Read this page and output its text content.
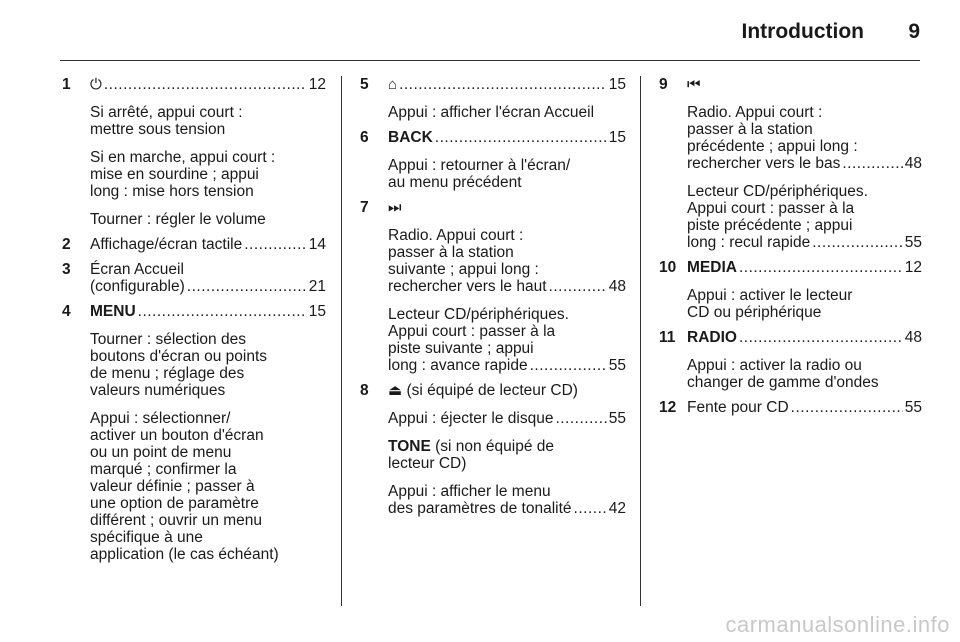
Introduction 9
1 ⏻ .....	12
Si arrêté, appui court :
mettre sous tension
Si en marche, appui court :
mise en sourdine ; appui
long : mise hors tension
Tourner : régler le volume
2 Affichage/écran tactile .....	14
3 Écran Accueil
(configurable) .....	21
4 MENU .....	15
Tourner : sélection des
boutons d'écran ou points
de menu ; réglage des
valeurs numériques
Appui : sélectionner/
activer un bouton d'écran
ou un point de menu
marqué ; confirmer la
valeur définie ; passer à
une option de paramètre
différent ; ouvrir un menu
spécifique à une
application (le cas échéant)
5 ⌂ .....	15
Appui : afficher l'écran Accueil
6 BACK .....	15
Appui : retourner à l'écran/
au menu précédent
7 ⏭
Radio. Appui court :
passer à la station
suivante ; appui long :
rechercher vers le haut .....	48
Lecteur CD/périphériques.
Appui court : passer à la
piste suivante ; appui
long : avance rapide .....	55
8 ⏏ (si équipé de lecteur CD)
Appui : éjecter le disque .....	55
TONE (si non équipé de
lecteur CD)
Appui : afficher le menu
des paramètres de tonalité ..... 42
9 ⏮
Radio. Appui court :
passer à la station
précédente ; appui long :
rechercher vers le bas .....	48
Lecteur CD/périphériques.
Appui court : passer à la
piste précédente ; appui
long : recul rapide .....	55
10 MEDIA .....	12
Appui : activer le lecteur
CD ou périphérique
11 RADIO .....	48
Appui : activer la radio ou
changer de gamme d'ondes
12 Fente pour CD .....	55
carmanualsonline.info
